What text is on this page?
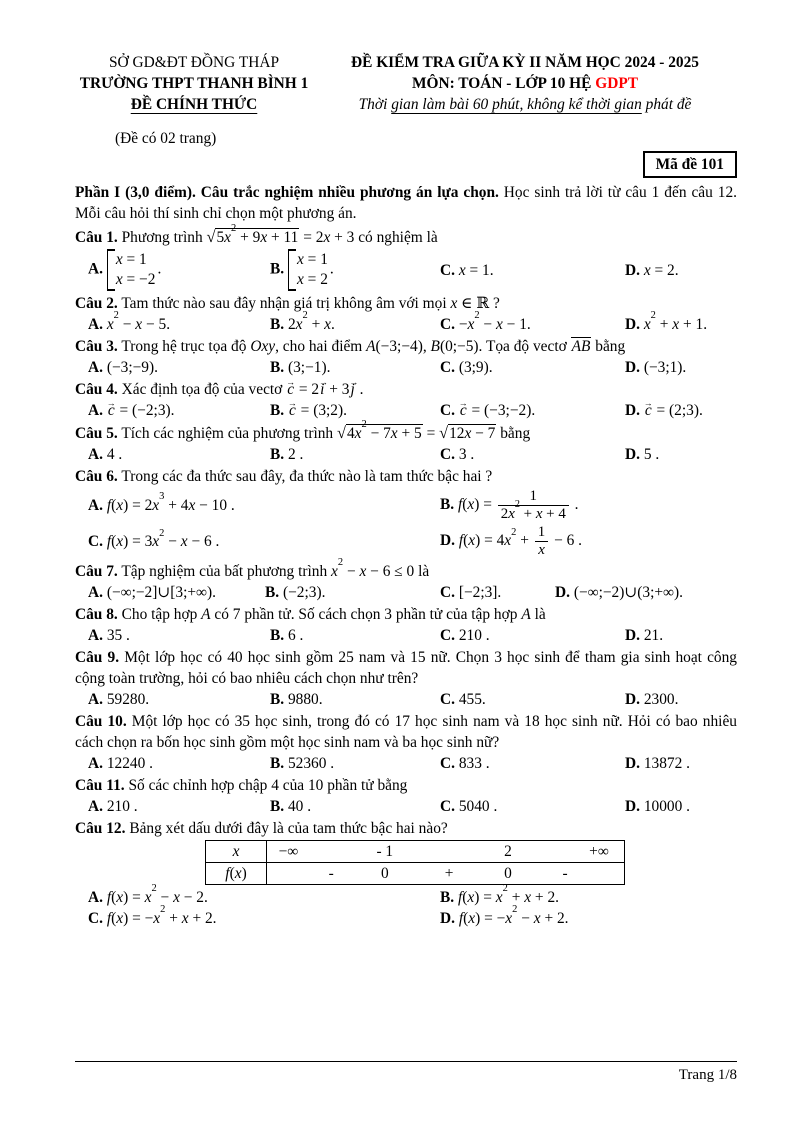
SỞ GD&ĐT ĐỒNG THÁP
TRƯỜNG THPT THANH BÌNH 1
ĐỀ CHÍNH THỨC
ĐỀ KIỂM TRA GIỮA KỲ II NĂM HỌC 2024 - 2025
MÔN: TOÁN - LỚP 10 HỆ GDPT
Thời gian làm bài 60 phút, không kể thời gian phát đề
(Đề có 02 trang)
Mã đề 101
Phần I (3,0 điểm). Câu trắc nghiệm nhiều phương án lựa chọn. Học sinh trả lời từ câu 1 đến câu 12. Mỗi câu hỏi thí sinh chỉ chọn một phương án.
Câu 1. Phương trình $√5x^2 + 9x + 11 = 2x + 3$ có nghiệm là
A.
x = 1
x = −2
.	B.
x = 1
x = 2
.	C. x = 1.	D. x = 2.
Câu 2. Tam thức nào sau đây nhận giá trị không âm với mọi x ∈ ℝ ?
A. $x^2 - x - 5$.	B. $2x^2 + x$.	C. $-x^2 - x - 1$.	D. $x^2 + x + 1$.
Câu 3. Trong hệ trục tọa độ Oxy, cho hai điểm A(−3;−4), B(0;−5). Tọa độ vectơ AB bằng
A. (−3;−9).	B. (3;−1).	C. (3;9).	D. (−3;1).
Câu 4. Xác định tọa độ của vectơ → c = 2→ i + 3→ j .
A. → c = (−2;3).	B. → c = (3;2).	C. → c = (−3;−2).	D. → c = (2;3).
Câu 5. Tích các nghiệm của phương trình $√4x^2 - 7x + 5 = √12x - 7$ bằng
A. 4 .	B. 2 .	C. 3 .	D. 5 .
Câu 6. Trong các đa thức sau đây, đa thức nào là tam thức bậc hai ?
A. $f(x) = 2x^3 + 4x - 10$ .	B. $f(x) = \frac{1}{2x^2 + x + 4}$ .
C. $f(x) = 3x^2 - x - 6$ .	D. $f(x) = 4x^2 + \frac{1}{x} - 6$ .
Câu 7. Tập nghiệm của bất phương trình $x^2 - x - 6 \le 0$ là
A. (−∞;−2]∪[3;+∞).	B. (−2;3).	C. [−2;3].	D. (−∞;−2)∪(3;+∞).
Câu 8. Cho tập hợp A có 7 phần tử. Số cách chọn 3 phần tử của tập hợp A là
A. 35 .	B. 6 .	C. 210 .	D. 21.
Câu 9. Một lớp học có 40 học sinh gồm 25 nam và 15 nữ. Chọn 3 học sinh để tham gia sinh hoạt công cộng toàn trường, hỏi có bao nhiêu cách chọn như trên?
A. 59280.	B. 9880.	C. 455.	D. 2300.
Câu 10. Một lớp học có 35 học sinh, trong đó có 17 học sinh nam và 18 học sinh nữ. Hỏi có bao nhiêu cách chọn ra bốn học sinh gồm một học sinh nam và ba học sinh nữ?
A. 12240 .	B. 52360 .	C. 833 .	D. 13872 .
Câu 11. Số các chỉnh hợp chập 4 của 10 phần tử bằng
A. 210 .	B. 40 .	C. 5040 .	D. 10000 .
Câu 12. Bảng xét dấu dưới đây là của tam thức bậc hai nào?
x	−∞	- 1	2	+∞
f(x)	-	0	+	0	-
A. $f(x) = x^2 - x - 2$.	B. $f(x) = x^2 + x + 2$.
C. $f(x) = -x^2 + x + 2$.	D. $f(x) = -x^2 - x + 2$.
Trang 1/8
